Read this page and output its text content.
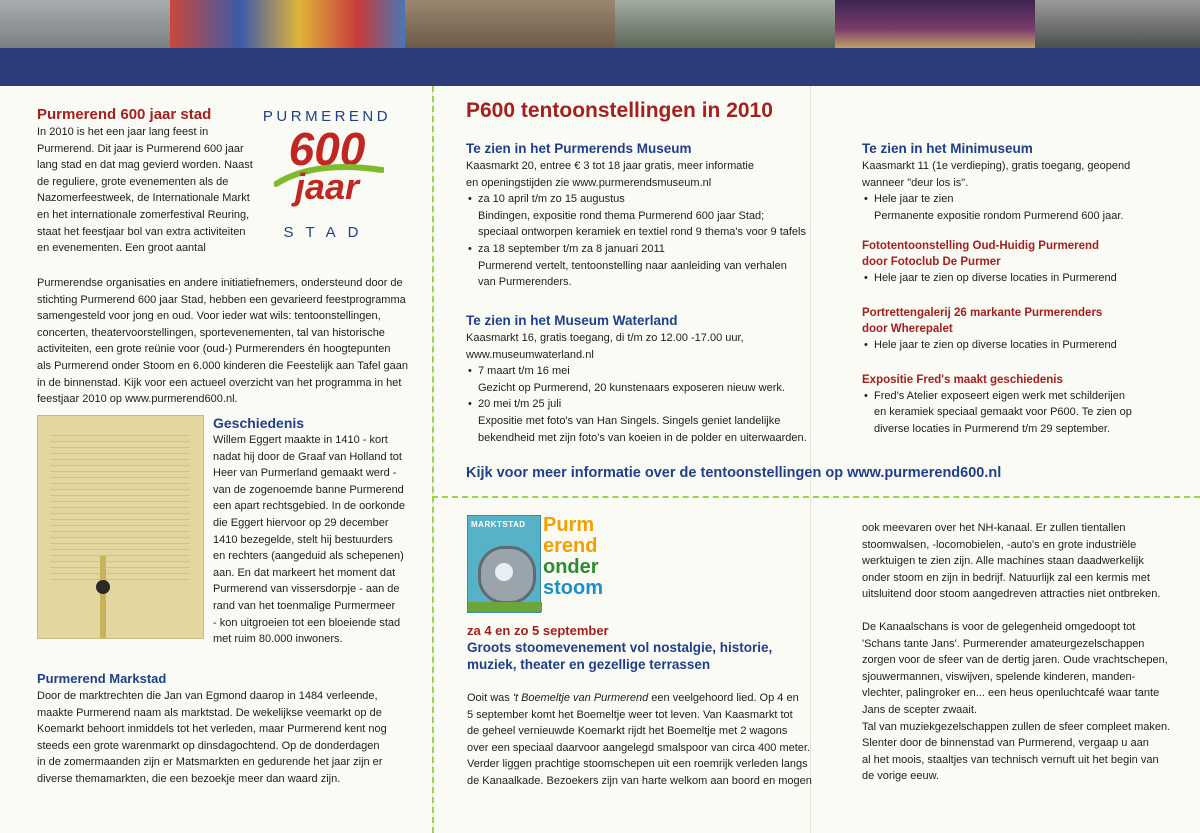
Purmerend 600 jaar stad

In 2010 is het een jaar lang feest in

Purmerend. Dit jaar is Purmerend 600 jaar

lang stad en dat mag gevierd worden. Naast

de reguliere, grote evenementen als de

Nazomerfeestweek, de Internationale Markt

en het internationale zomerfestival Reuring,

staat het feestjaar bol van extra activiteiten

en evenementen. Een groot aantal

Purmerendse organisaties en andere initiatiefnemers, ondersteund door de

stichting Purmerend 600 jaar Stad, hebben een gevarieerd feestprogramma

samengesteld voor jong en oud. Voor ieder wat wils: tentoonstellingen,

concerten, theatervoorstellingen, sportevenementen, tal van historische

activiteiten, een grote reünie voor (oud-) Purmerenders én hoogtepunten

als Purmerend onder Stoom en 6.000 kinderen die Feestelijk aan Tafel gaan

in de binnenstad. Kijk voor een actueel overzicht van het programma in het

feestjaar 2010 op www.purmerend600.nl.

PURMEREND
600
jaar
STAD
Geschiedenis

Willem Eggert maakte in 1410 - kort

nadat hij door de Graaf van Holland tot

Heer van Purmerland gemaakt werd -

van de zogenoemde banne Purmerend

een apart rechtsgebied. In de oorkonde

die Eggert hiervoor op 29 december

1410 bezegelde, stelt hij bestuurders

en rechters (aangeduid als schepenen)

aan. En dat markeert het moment dat

Purmerend van vissersdorpje - aan de

rand van het toenmalige Purmermeer

- kon uitgroeien tot een bloeiende stad

met ruim 80.000 inwoners.

Purmerend Markstad

Door de marktrechten die Jan van Egmond daarop in 1484 verleende,

maakte Purmerend naam als marktstad. De wekelijkse veemarkt op de

Koemarkt behoort inmiddels tot het verleden, maar Purmerend kent nog

steeds een grote warenmarkt op dinsdagochtend. Op de donderdagen

in de zomermaanden zijn er Matsmarkten en gedurende het jaar zijn er

diverse themamarkten, die een bezoekje meer dan waard zijn.

P600 tentoonstellingen in 2010
Te zien in het Purmerends Museum

Kaasmarkt 20, entree € 3 tot 18 jaar gratis, meer informatie

en openingstijden zie www.purmerendsmuseum.nl

• za 10 april t/m zo 15 augustus

Bindingen, expositie rond thema Purmerend 600 jaar Stad;

speciaal ontworpen keramiek en textiel rond 9 thema's voor 9 tafels

• za 18 september t/m za 8 januari 2011

Purmerend vertelt, tentoonstelling naar aanleiding van verhalen

van Purmerenders.

Te zien in het Museum Waterland

Kaasmarkt 16, gratis toegang, di t/m zo 12.00 -17.00 uur,

www.museumwaterland.nl

• 7 maart t/m 16 mei

Gezicht op Purmerend, 20 kunstenaars exposeren nieuw werk.

• 20 mei t/m 25 juli

Expositie met foto's van Han Singels. Singels geniet landelijke

bekendheid met zijn foto's van koeien in de polder en uiterwaarden.

Te zien in het Minimuseum

Kaasmarkt 11 (1e verdieping), gratis toegang, geopend

wanneer "deur los is".

• Hele jaar te zien

Permanente expositie rondom Purmerend 600 jaar.

Fototentoonstelling Oud-Huidig Purmerend
door Fotoclub De Purmer
• Hele jaar te zien op diverse locaties in Purmerend
Portrettengalerij 26 markante Purmerenders
door Wherepalet
• Hele jaar te zien op diverse locaties in Purmerend
Expositie Fred's maakt geschiedenis
• Fred's Atelier exposeert eigen werk met schilderijen

en keramiek speciaal gemaakt voor P600. Te zien op

diverse locaties in Purmerend t/m 29 september.

Kijk voor meer informatie over de tentoonstellingen op www.purmerend600.nl
MARKTSTAD Purm
erend
onder
stoom
za 4 en zo 5 september
Groots stoomevenement vol nostalgie, historie,
muziek, theater en gezellige terrassen

Ooit was 't Boemeltje van Purmerend een veelgehoord lied. Op 4 en

5 september komt het Boemeltje weer tot leven. Van Kaasmarkt tot

de geheel vernieuwde Koemarkt rijdt het Boemeltje met 2 wagons

over een speciaal daarvoor aangelegd smalspoor van circa 400 meter.

Verder liggen prachtige stoomschepen uit een roemrijk verleden langs

de Kanaalkade. Bezoekers zijn van harte welkom aan boord en mogen

ook meevaren over het NH-kanaal. Er zullen tientallen

stoomwalsen, -locomobielen, -auto's en grote industriële

werktuigen te zien zijn. Alle machines staan daadwerkelijk

onder stoom en zijn in bedrijf. Natuurlijk zal een kermis met

uitsluitend door stoom aangedreven attracties niet ontbreken.

De Kanaalschans is voor de gelegenheid omgedoopt tot

'Schans tante Jans'. Purmerender amateurgezelschappen

zorgen voor de sfeer van de dertig jaren. Oude vrachtschepen,

sjouwermannen, viswijven, spelende kinderen, manden-

vlechter, palingroker en... een heus openluchtcafé waar tante

Jans de scepter zwaait.

Tal van muziekgezelschappen zullen de sfeer compleet maken.

Slenter door de binnenstad van Purmerend, vergaap u aan

al het moois, staaltjes van technisch vernuft uit het begin van

de vorige eeuw.
